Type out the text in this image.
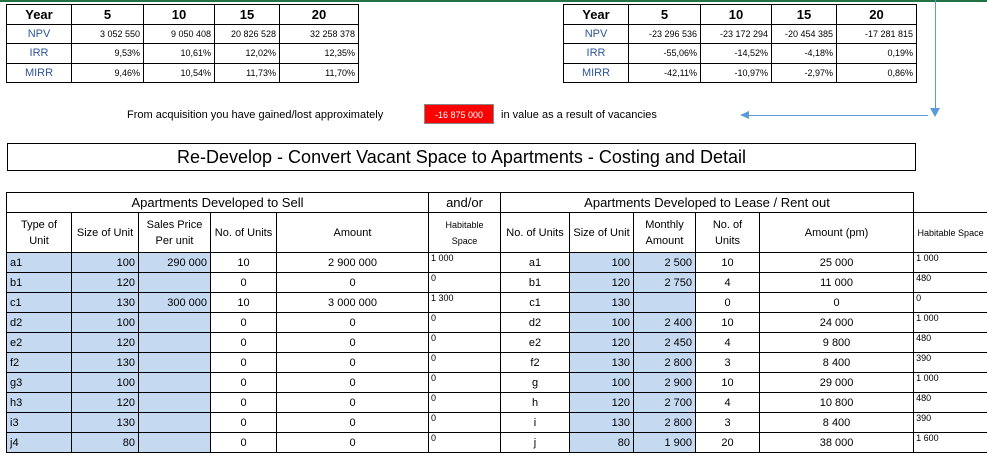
Year	5	10	15	20
NPV	3 052 550	9 050 408	20 826 528	32 258 378
IRR	9,53%	10,61%	12,02%	12,35%
MIRR	9,46%	10,54%	11,73%	11,70%
Year	5	10	15	20
NPV	-23 296 536	-23 172 294	-20 454 385	-17 281 815
IRR	-55,06%	-14,52%	-4,18%	0,19%
MIRR	-42,11%	-10,97%	-2,97%	0,86%
From acquisition you have gained/lost approximately	-16 875 000	in value as a result of vacancies
Re-Develop - Convert Vacant Space to Apartments - Costing and Detail
Apartments Developed to Sell					and/or	Apartments Developed to Lease / Rent out					
Type of Unit	Size of Unit	Sales Price Per unit	No. of Units	Amount	Habitable Space	No. of Units	Size of Unit	Monthly Amount	No. of Units	Amount (pm)	Habitable Space
a1	100	290 000	10	2 900 000	1 000	a1	100	2 500	10	25 000	1 000
b1	120		0	0	0	b1	120	2 750	4	11 000	480
c1	130	300 000	10	3 000 000	1 300	c1	130		0	0	0
d2	100		0	0	0	d2	100	2 400	10	24 000	1 000
e2	120		0	0	0	e2	120	2 450	4	9 800	480
f2	130		0	0	0	f2	130	2 800	3	8 400	390
g3	100		0	0	0	g	100	2 900	10	29 000	1 000
h3	120		0	0	0	h	120	2 700	4	10 800	480
i3	130		0	0	0	i	130	2 800	3	8 400	390
j4	80		0	0	0	j	80	1 900	20	38 000	1 600
